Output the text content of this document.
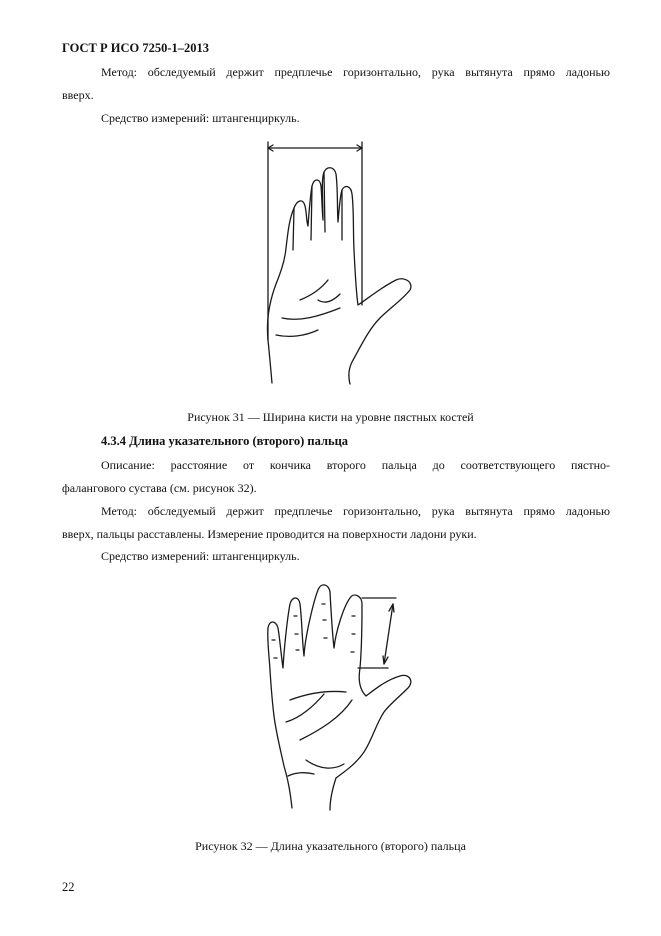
ГОСТ Р ИСО 7250-1–2013
Метод: обследуемый держит предплечье горизонтально, рука вытянута прямо ладонью
вверх.
Средство измерений: штангенциркуль.
Рисунок 31 — Ширина кисти на уровне пястных костей
4.3.4 Длина указательного (второго) пальца
Описание: расстояние от кончика второго пальца до соответствующего пястно-
фалангового сустава (см. рисунок 32).
Метод: обследуемый держит предплечье горизонтально, рука вытянута прямо ладонью
вверх, пальцы расставлены. Измерение проводится на поверхности ладони руки.
Средство измерений: штангенциркуль.
Рисунок 32 — Длина указательного (второго) пальца
22
